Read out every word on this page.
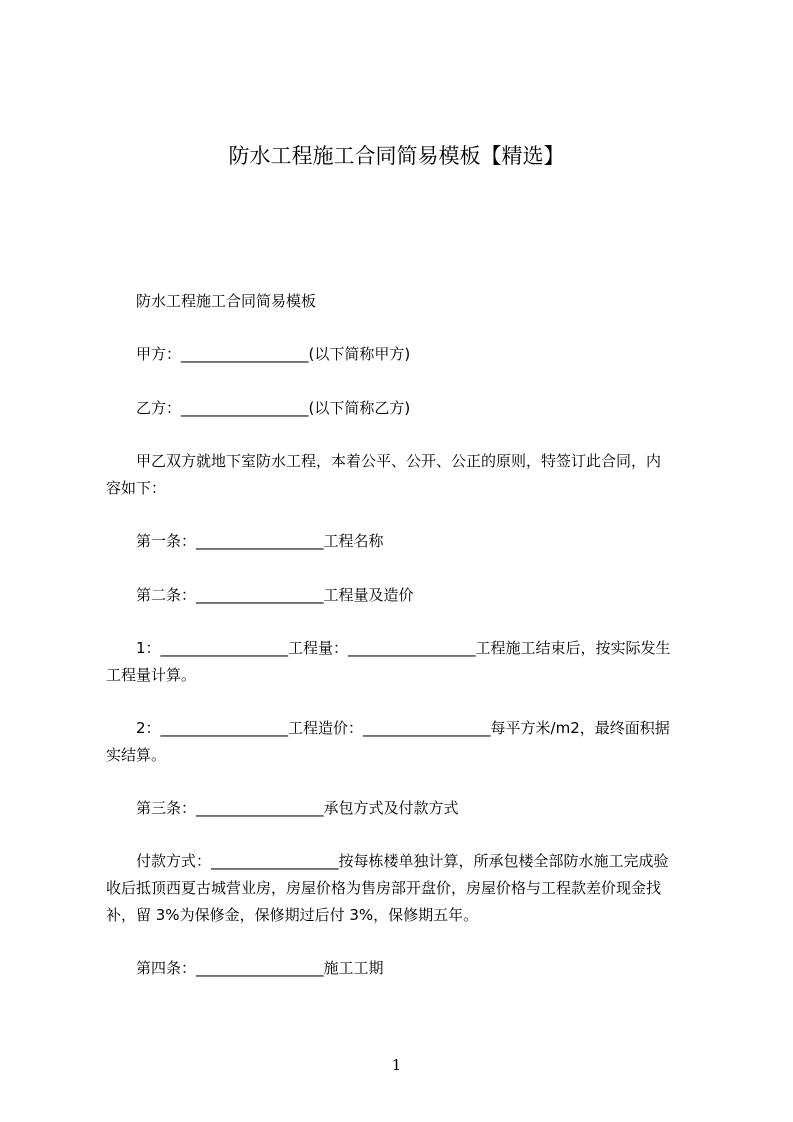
防水工程施工合同简易模板【精选】
防水工程施工合同简易模板
甲方：_________________(以下简称甲方)
乙方：_________________(以下简称乙方)
甲乙双方就地下室防水工程，本着公平、公开、公正的原则，特签订此合同，内
容如下：
第一条：_________________工程名称
第二条：_________________工程量及造价
1：_________________工程量：_________________工程施工结束后，按实际发生
工程量计算。
2：_________________工程造价：_________________每平方米/m2，最终面积据
实结算。
第三条：_________________承包方式及付款方式
付款方式：_________________按每栋楼单独计算，所承包楼全部防水施工完成验
收后抵顶西夏古城营业房，房屋价格为售房部开盘价，房屋价格与工程款差价现金找
补，留 3%为保修金，保修期过后付 3%，保修期五年。
第四条：_________________施工工期
1
